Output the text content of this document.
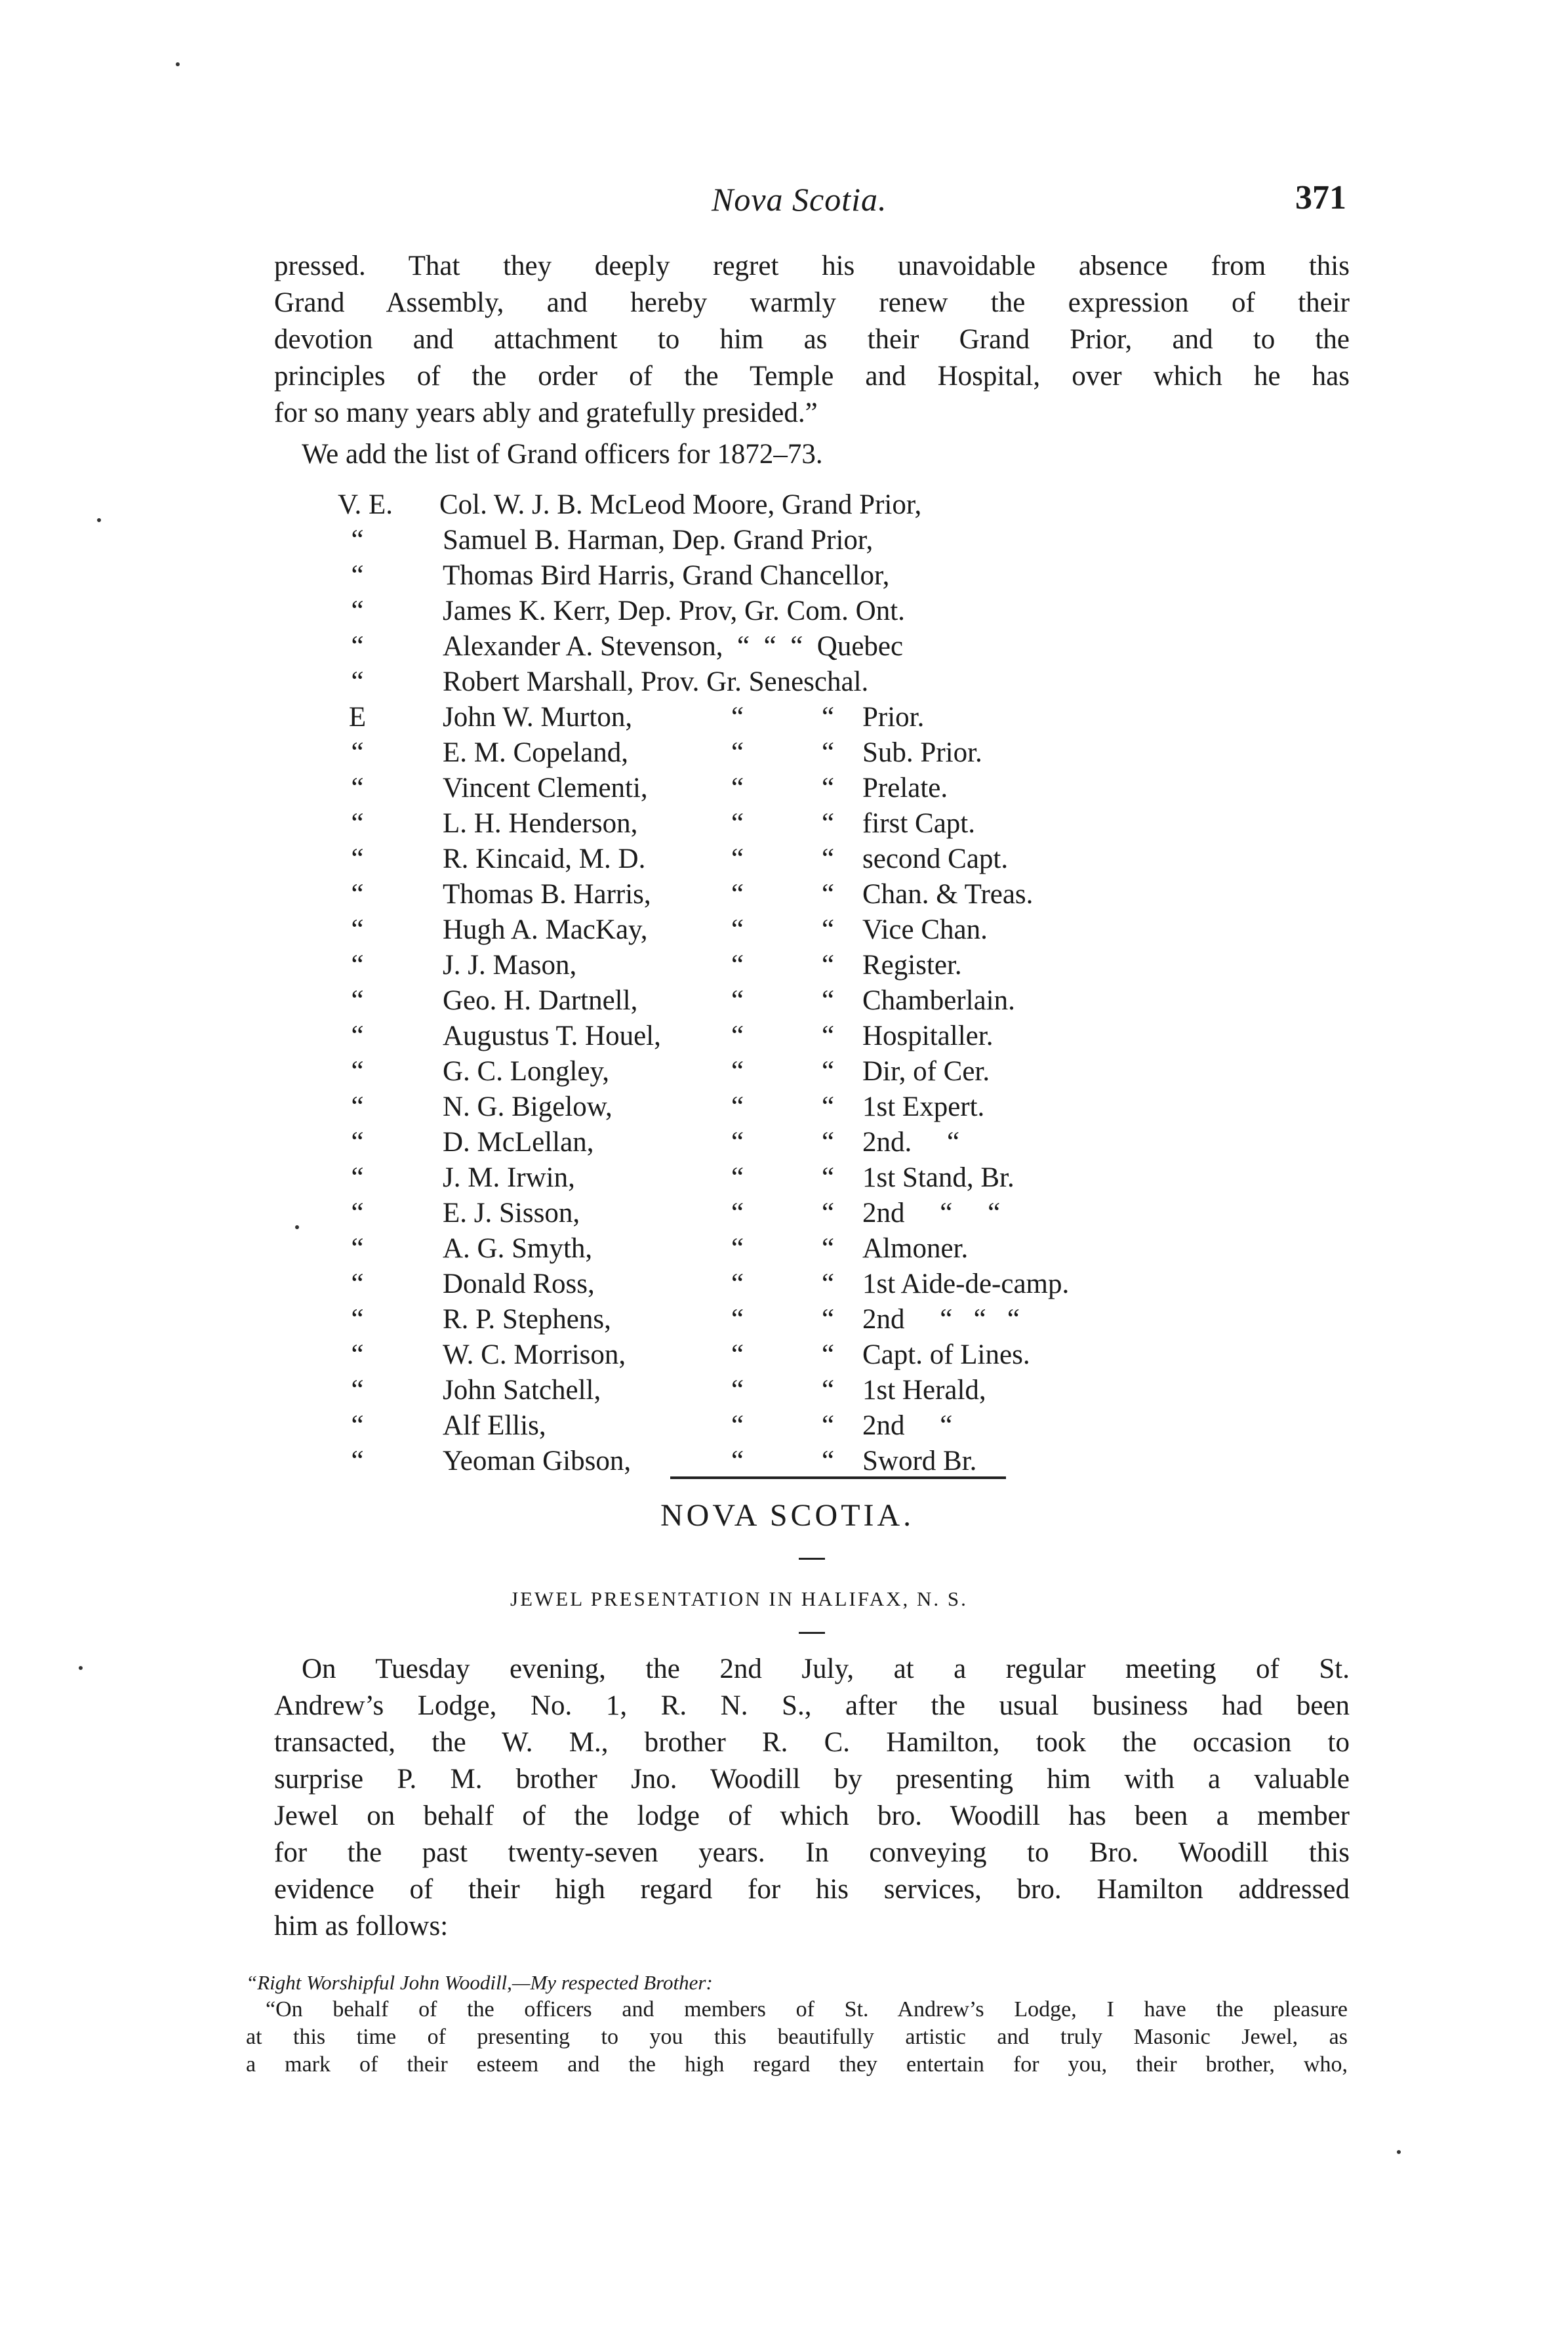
Nova Scotia.	371
pressed. That they deeply regret his unavoidable absence from this
Grand Assembly, and hereby warmly renew the expression of their
devotion and attachment to him as their Grand Prior, and to the
principles of the order of the Temple and Hospital, over which he has
for so many years ably and gratefully presided.”
We add the list of Grand officers for 1872–73.
V. E. Col. W. J. B. McLeod Moore, Grand Prior,
“	Samuel B. Harman, Dep. Grand Prior,
“	Thomas Bird Harris, Grand Chancellor,
“	James K. Kerr, Dep. Prov, Gr. Com. Ont.
“	Alexander A. Stevenson,  “  “  “  Quebec
“	Robert Marshall, Prov. Gr. Seneschal.
E	John W. Murton,	“	“ Prior.
“	E. M. Copeland,	“	“ Sub. Prior.
“	Vincent Clementi,	“	“ Prelate.
“	L. H. Henderson,	“	“ first Capt.
“	R. Kincaid, M. D.	“	“ second Capt.
“	Thomas B. Harris,	“	“ Chan. & Treas.
“	Hugh A. MacKay,	“	“ Vice Chan.
“	J. J. Mason,	“	“ Register.
“	Geo. H. Dartnell,	“	“ Chamberlain.
“	Augustus T. Houel, “	“ Hospitaller.
“	G. C. Longley,	“	“ Dir, of Cer.
“	N. G. Bigelow,	“	“ 1st Expert.
“	D. McLellan,	“	“ 2nd.     “
“	J. M. Irwin,	“	“ 1st Stand, Br.
“	E. J. Sisson,	“	“ 2nd     “     “
“	A. G. Smyth,	“	“ Almoner.
“	Donald Ross,	“	“ 1st Aide-de-camp.
“	R. P. Stephens,	“	“ 2nd     “   “   “
“	W. C. Morrison,	“	“ Capt. of Lines.
“	John Satchell,	“	“ 1st Herald,
“	Alf Ellis,	“	“ 2nd     “
“	Yeoman Gibson,	“	“ Sword Br.
NOVA SCOTIA.
JEWEL PRESENTATION IN HALIFAX, N. S.
On Tuesday evening, the 2nd July, at a regular meeting of St.
Andrew’s Lodge, No. 1, R. N. S., after the usual business had been
transacted, the W. M., brother R. C. Hamilton, took the occasion to
surprise P. M. brother Jno. Woodill by presenting him with a valuable
Jewel on behalf of the lodge of which bro. Woodill has been a member
for the past twenty-seven years. In conveying to Bro. Woodill this
evidence of their high regard for his services, bro. Hamilton addressed
him as follows:
“Right Worshipful John Woodill,—My respected Brother:
“On behalf of the officers and members of St. Andrew’s Lodge, I have the pleasure
at this time of presenting to you this beautifully artistic and truly Masonic Jewel, as
a mark of their esteem and the high regard they entertain for you, their brother, who,
